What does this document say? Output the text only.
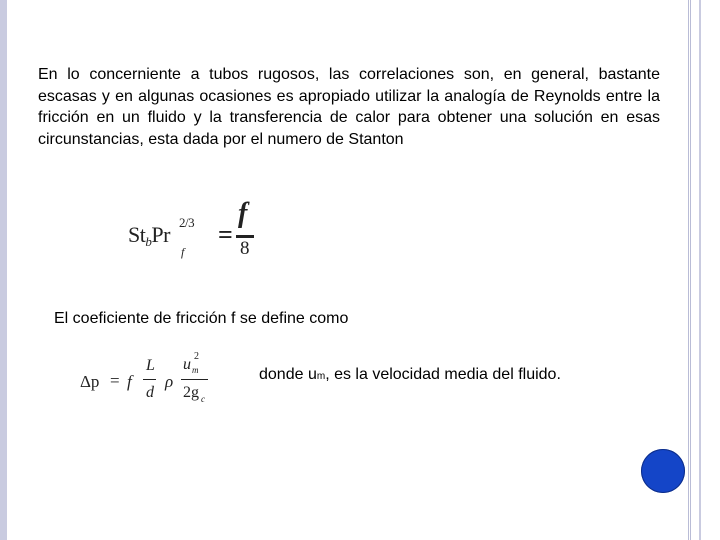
En lo concerniente a tubos rugosos, las correlaciones son, en general, bastante escasas y en algunas ocasiones es apropiado utilizar la analogía de Reynolds entre la fricción en un fluido y la transferencia de calor para obtener una solución en esas circunstancias, esta dada por el numero de Stanton

$St_bPr$
f
2/3 =
f
8

El coeficiente de fricción f se define como

Δp = f
L
d
ρ
u m
2
2g c

donde um, es la velocidad media del fluido.
